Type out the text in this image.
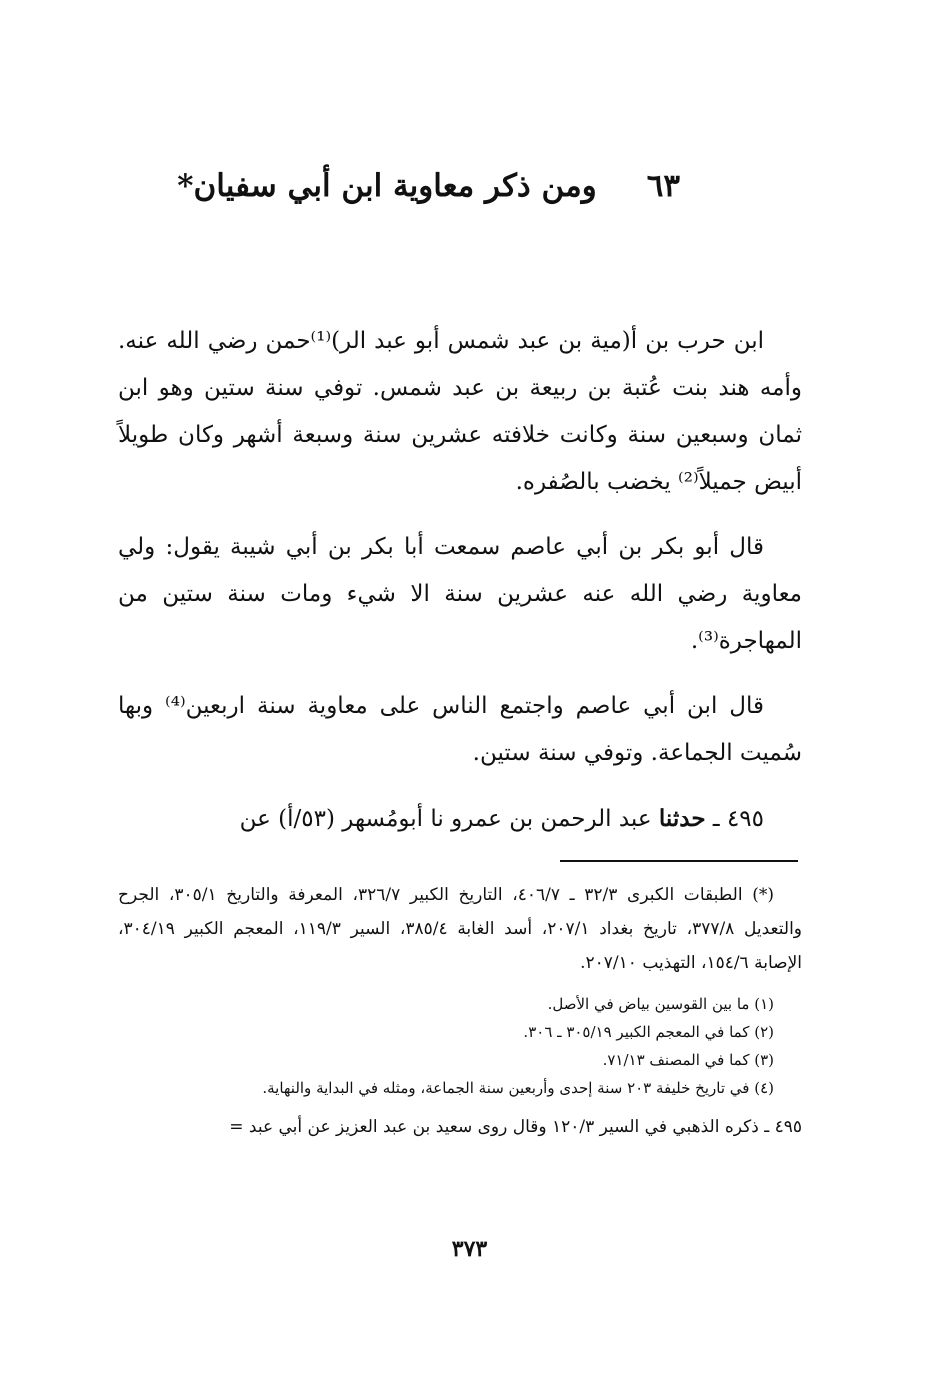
٦٣ومن ذكر معاوية ابن أبي سفيان*

ابن حرب بن أ(مية بن عبد شمس أبو عبد الر)⁽¹⁾حمن رضي الله عنه. وأمه هند بنت عُتبة بن ربيعة بن عبد شمس. توفي سنة ستين وهو ابن ثمان وسبعين سنة وكانت خلافته عشرين سنة وسبعة أشهر وكان طويلاً أبيض جميلاً⁽²⁾ يخضب بالصُفره.

قال أبو بكر بن أبي عاصم سمعت أبا بكر بن أبي شيبة يقول: ولي معاوية رضي الله عنه عشرين سنة الا شيء ومات سنة ستين من المهاجرة⁽³⁾.

قال ابن أبي عاصم واجتمع الناس على معاوية سنة اربعين⁽⁴⁾ وبها سُميت الجماعة. وتوفي سنة ستين.

٤٩٥ ـ حدثنا عبد الرحمن بن عمرو نا أبومُسهر (٥٣/أ) عن

(*) الطبقات الكبرى ٣٢/٣ ـ ٤٠٦/٧، التاريخ الكبير ٣٢٦/٧، المعرفة والتاريخ ٣٠٥/١، الجرح والتعديل ٣٧٧/٨، تاريخ بغداد ٢٠٧/١، أسد الغابة ٣٨٥/٤، السير ١١٩/٣، المعجم الكبير ٣٠٤/١٩، الإصابة ١٥٤/٦، التهذيب ٢٠٧/١٠.

(١) ما بين القوسين بياض في الأصل.

(٢) كما في المعجم الكبير ٣٠٥/١٩ ـ ٣٠٦.

(٣) كما في المصنف ٧١/١٣.

(٤) في تاريخ خليفة ٢٠٣ سنة إحدى وأربعين سنة الجماعة، ومثله في البداية والنهاية.

٤٩٥ ـ ذكره الذهبي في السير ١٢٠/٣ وقال روى سعيد بن عبد العزيز عن أبي عبد =

٣٧٣
